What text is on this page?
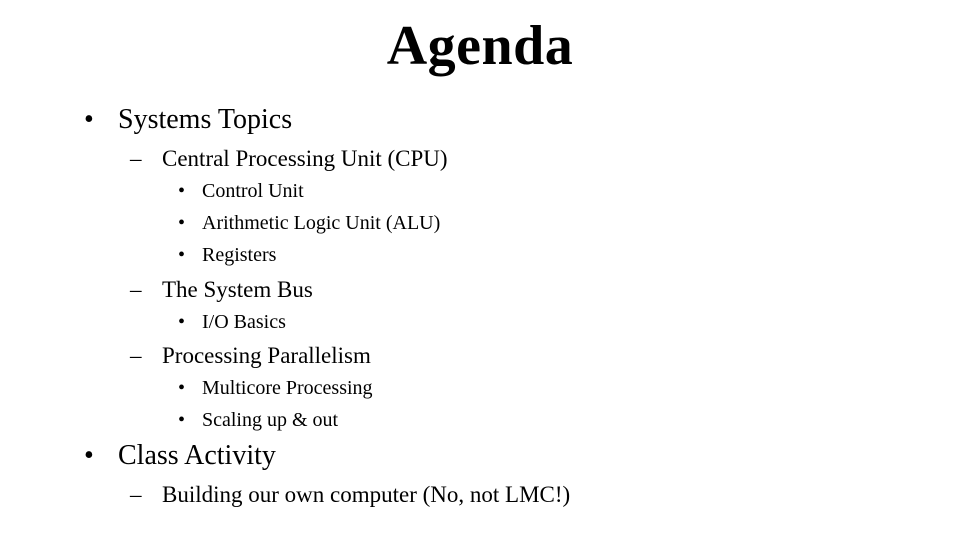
Agenda
• Systems Topics
– Central Processing Unit (CPU)
• Control Unit
• Arithmetic Logic Unit (ALU)
• Registers
– The System Bus
• I/O Basics
– Processing Parallelism
• Multicore Processing
• Scaling up & out
• Class Activity
– Building our own computer (No, not LMC!)
